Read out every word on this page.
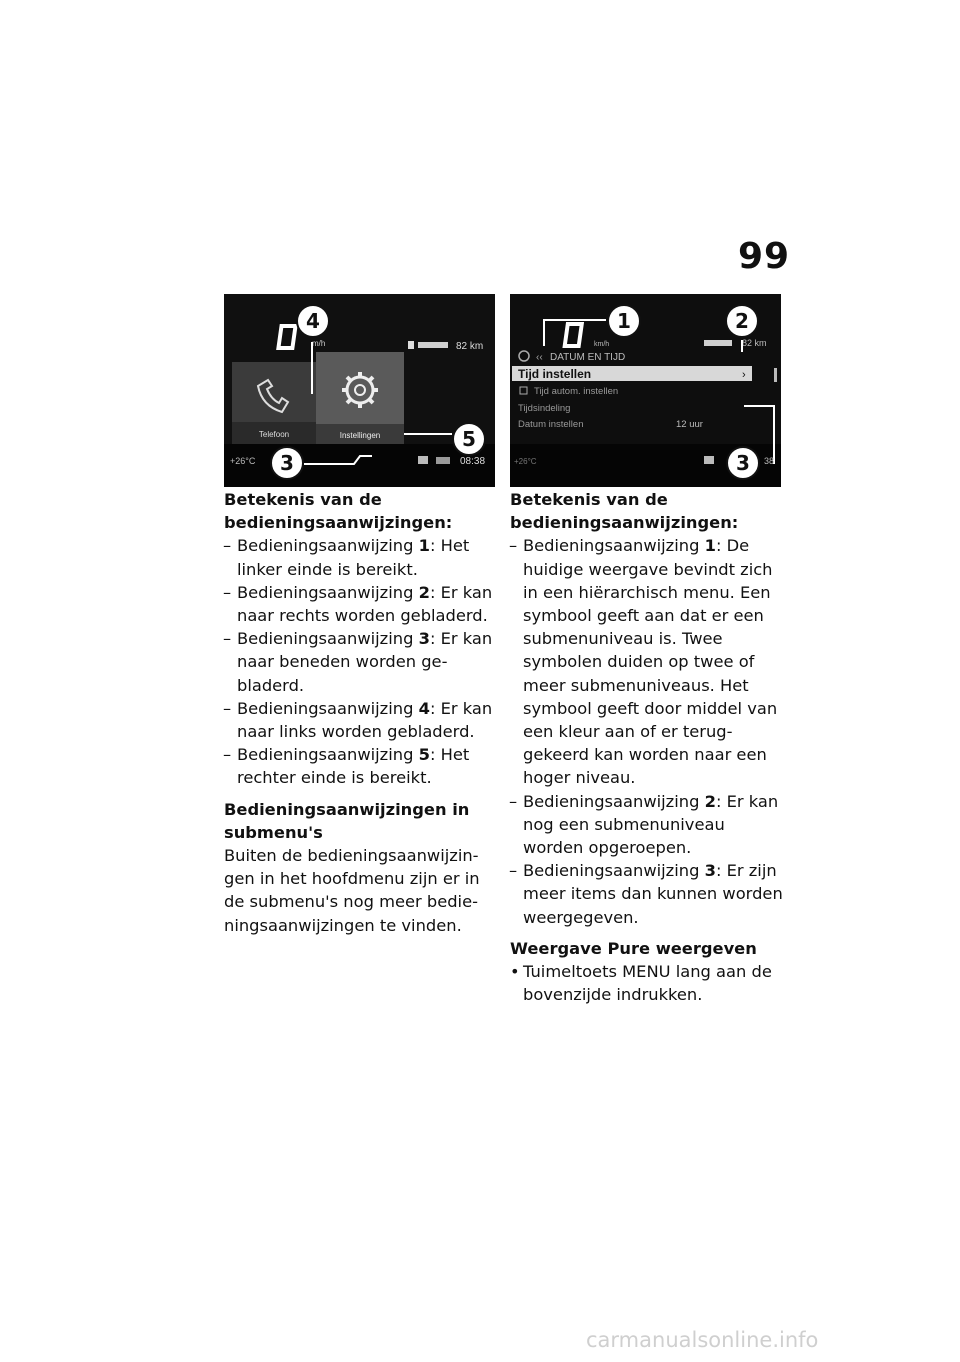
99
m/h	82 km
Telefoon	Instellingen
+26°C	08:38
4
5
3
km/h	82 km
‹‹ DATUM EN TIJD
Tijd instellen	›
Tijd autom. instellen
Tijdsindeling
Datum instellen	12 uur
+26°C	38
1	2
3

Betekenis van de bedieningsaanwijzingen:

– Bedieningsaanwijzing 1: Het linker einde is bereikt.
– Bedieningsaanwijzing 2: Er kan naar rechts worden gebladerd.
– Bedieningsaanwijzing 3: Er kan naar beneden worden gebladerd.
– Bedieningsaanwijzing 4: Er kan naar links worden gebladerd.
– Bedieningsaanwijzing 5: Het rechter einde is bereikt.

Bedieningsaanwijzingen in submenu's

Buiten de bedieningsaanwijzingen in het hoofdmenu zijn er in de submenu's nog meer bedieningsaanwijzingen te vinden.

Betekenis van de bedieningsaanwijzingen:

– Bedieningsaanwijzing 1: De huidige weergave bevindt zich in een hiërarchisch menu. Een symbool geeft aan dat er een submenuniveau is. Twee symbolen duiden op twee of meer submenuniveaus. Het symbool geeft door middel van een kleur aan of er teruggekeerd kan worden naar een hoger niveau.
– Bedieningsaanwijzing 2: Er kan nog een submenuniveau worden opgeroepen.
– Bedieningsaanwijzing 3: Er zijn meer items dan kunnen worden weergegeven.

Weergave Pure weergeven

• Tuimeltoets MENU lang aan de bovenzijde indrukken.
carmanualsonline.info
